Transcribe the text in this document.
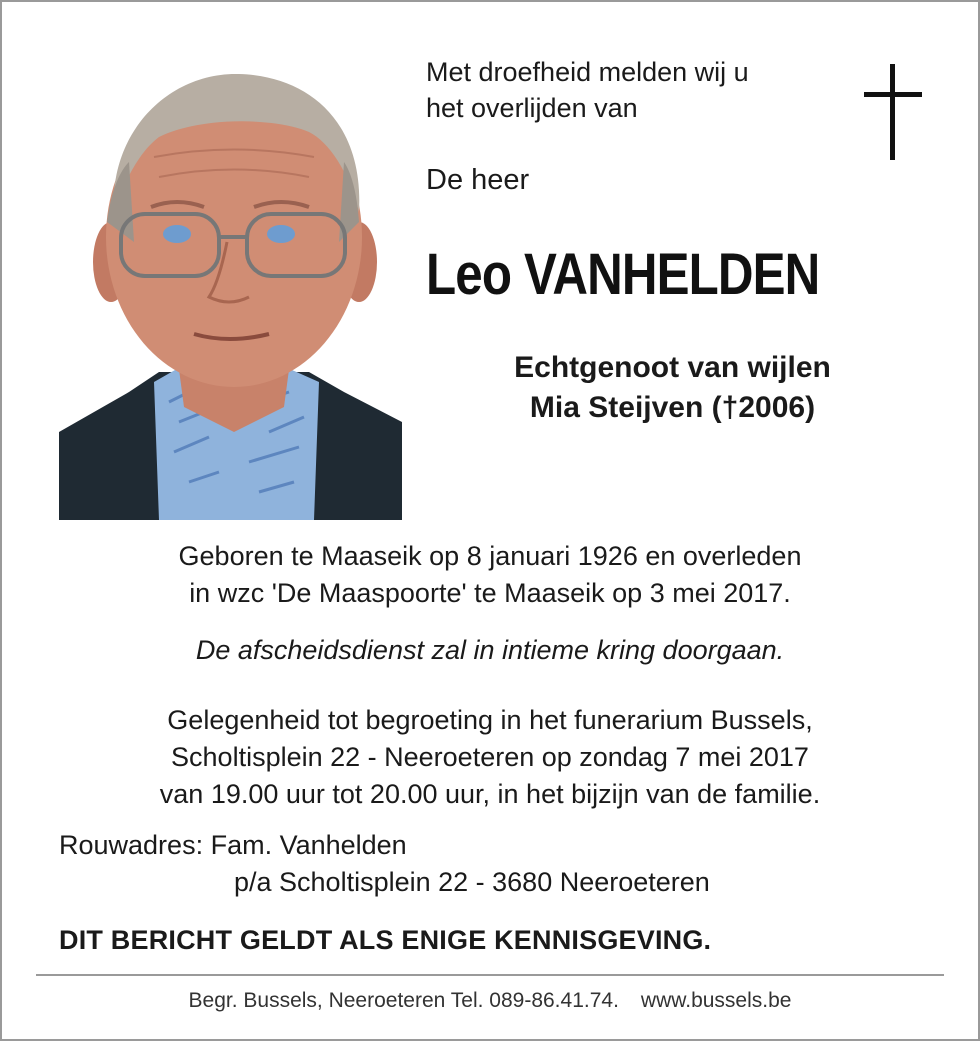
Met droefheid melden wij u
het overlijden van
De heer
Leo VANHELDEN
Echtgenoot van wijlen
Mia Steijven (†2006)
Geboren te Maaseik op 8 januari 1926 en overleden
in wzc 'De Maaspoorte' te Maaseik op 3 mei 2017.
De afscheidsdienst zal in intieme kring doorgaan.
Gelegenheid tot begroeting in het funerarium Bussels,
Scholtisplein 22 - Neeroeteren op zondag 7 mei 2017
van 19.00 uur tot 20.00 uur, in het bijzijn van de familie.
Rouwadres: Fam. Vanhelden
p/a Scholtisplein 22 - 3680 Neeroeteren
DIT BERICHT GELDT ALS ENIGE KENNISGEVING.
Begr. Bussels, Neeroeteren Tel. 089-86.41.74. www.bussels.be
